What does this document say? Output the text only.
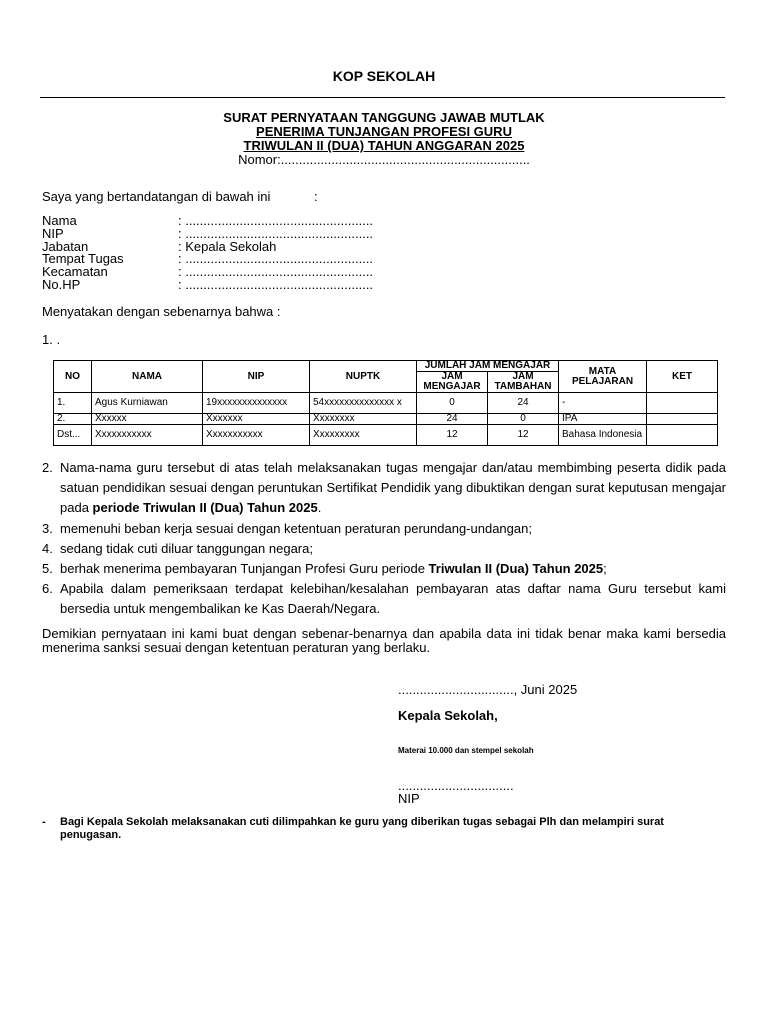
KOP SEKOLAH
SURAT PERNYATAAN TANGGUNG JAWAB MUTLAK
PENERIMA TUNJANGAN PROFESI GURU
TRIWULAN II (DUA) TAHUN ANGGARAN 2025
Nomor:.....................................................................
Saya yang bertandatangan di bawah ini	:
Nama	: ....................................................
NIP	: ....................................................
Jabatan	: Kepala Sekolah
Tempat Tugas	: ....................................................
Kecamatan	: ....................................................
No.HP	: ....................................................
Menyatakan dengan sebenarnya bahwa :
1. .
NO	NAMA	NIP	NUPTK	JUMLAH JAM MENGAJAR		MATA PELAJARAN	KET
				JAM MENGAJAR	JAM TAMBAHAN		
1.	Agus Kurniawan	19xxxxxxxxxxxxxx	54xxxxxxxxxxxxxx x	0	24	-	
2.	Xxxxxx	Xxxxxxx	Xxxxxxxx	24	0	IPA	
Dst...	Xxxxxxxxxxx	Xxxxxxxxxxx	Xxxxxxxxx	12	12	Bahasa Indonesia	
2. Nama-nama guru tersebut di atas telah melaksanakan tugas mengajar dan/atau membimbing peserta didik pada satuan pendidikan sesuai dengan peruntukan Sertifikat Pendidik yang dibuktikan dengan surat keputusan mengajar pada periode Triwulan II (Dua) Tahun 2025.
3. memenuhi beban kerja sesuai dengan ketentuan peraturan perundang-undangan;
4. sedang tidak cuti diluar tanggungan negara;
5. berhak menerima pembayaran Tunjangan Profesi Guru periode Triwulan II (Dua) Tahun 2025;
6. Apabila dalam pemeriksaan terdapat kelebihan/kesalahan pembayaran atas daftar nama Guru tersebut kami bersedia untuk mengembalikan ke Kas Daerah/Negara.
Demikian pernyataan ini kami buat dengan sebenar-benarnya dan apabila data ini tidak benar maka kami bersedia menerima sanksi sesuai dengan ketentuan peraturan yang berlaku.
................................, Juni 2025
Kepala Sekolah,
Materai 10.000 dan stempel sekolah
................................
NIP
- Bagi Kepala Sekolah melaksanakan cuti dilimpahkan ke guru yang diberikan tugas sebagai Plh dan melampiri surat penugasan.
